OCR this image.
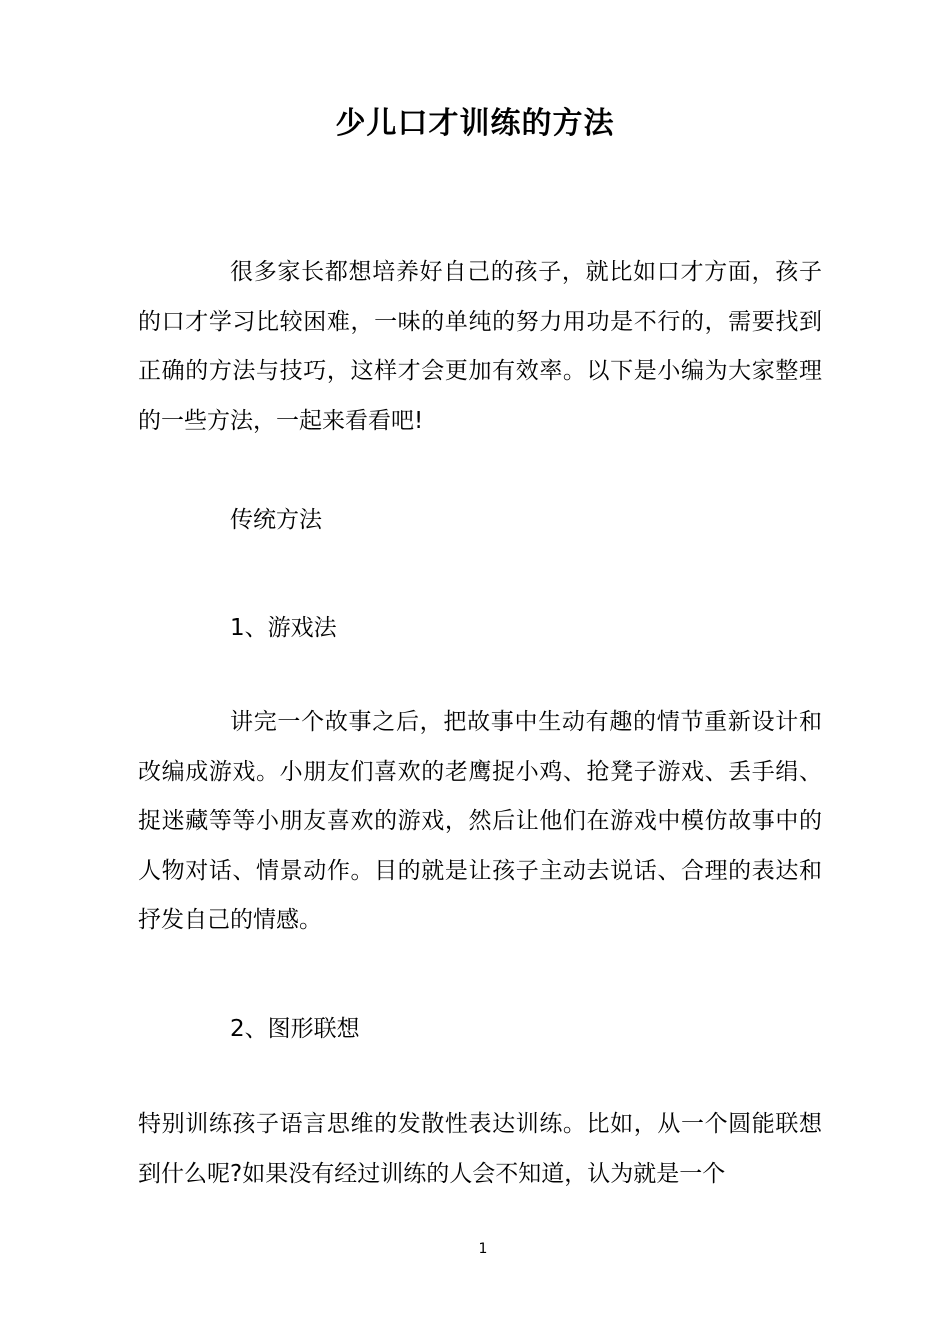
少儿口才训练的方法

很多家长都想培养好自己的孩子，就比如口才方面，孩子的口才学习比较困难，一味的单纯的努力用功是不行的，需要找到正确的方法与技巧，这样才会更加有效率。以下是小编为大家整理的一些方法，一起来看看吧!

传统方法

1、游戏法

讲完一个故事之后，把故事中生动有趣的情节重新设计和改编成游戏。小朋友们喜欢的老鹰捉小鸡、抢凳子游戏、丢手绢、捉迷藏等等小朋友喜欢的游戏，然后让他们在游戏中模仿故事中的人物对话、情景动作。目的就是让孩子主动去说话、合理的表达和抒发自己的情感。

2、图形联想

特别训练孩子语言思维的发散性表达训练。比如，从一个圆能联想到什么呢?如果没有经过训练的人会不知道，认为就是一个

1
